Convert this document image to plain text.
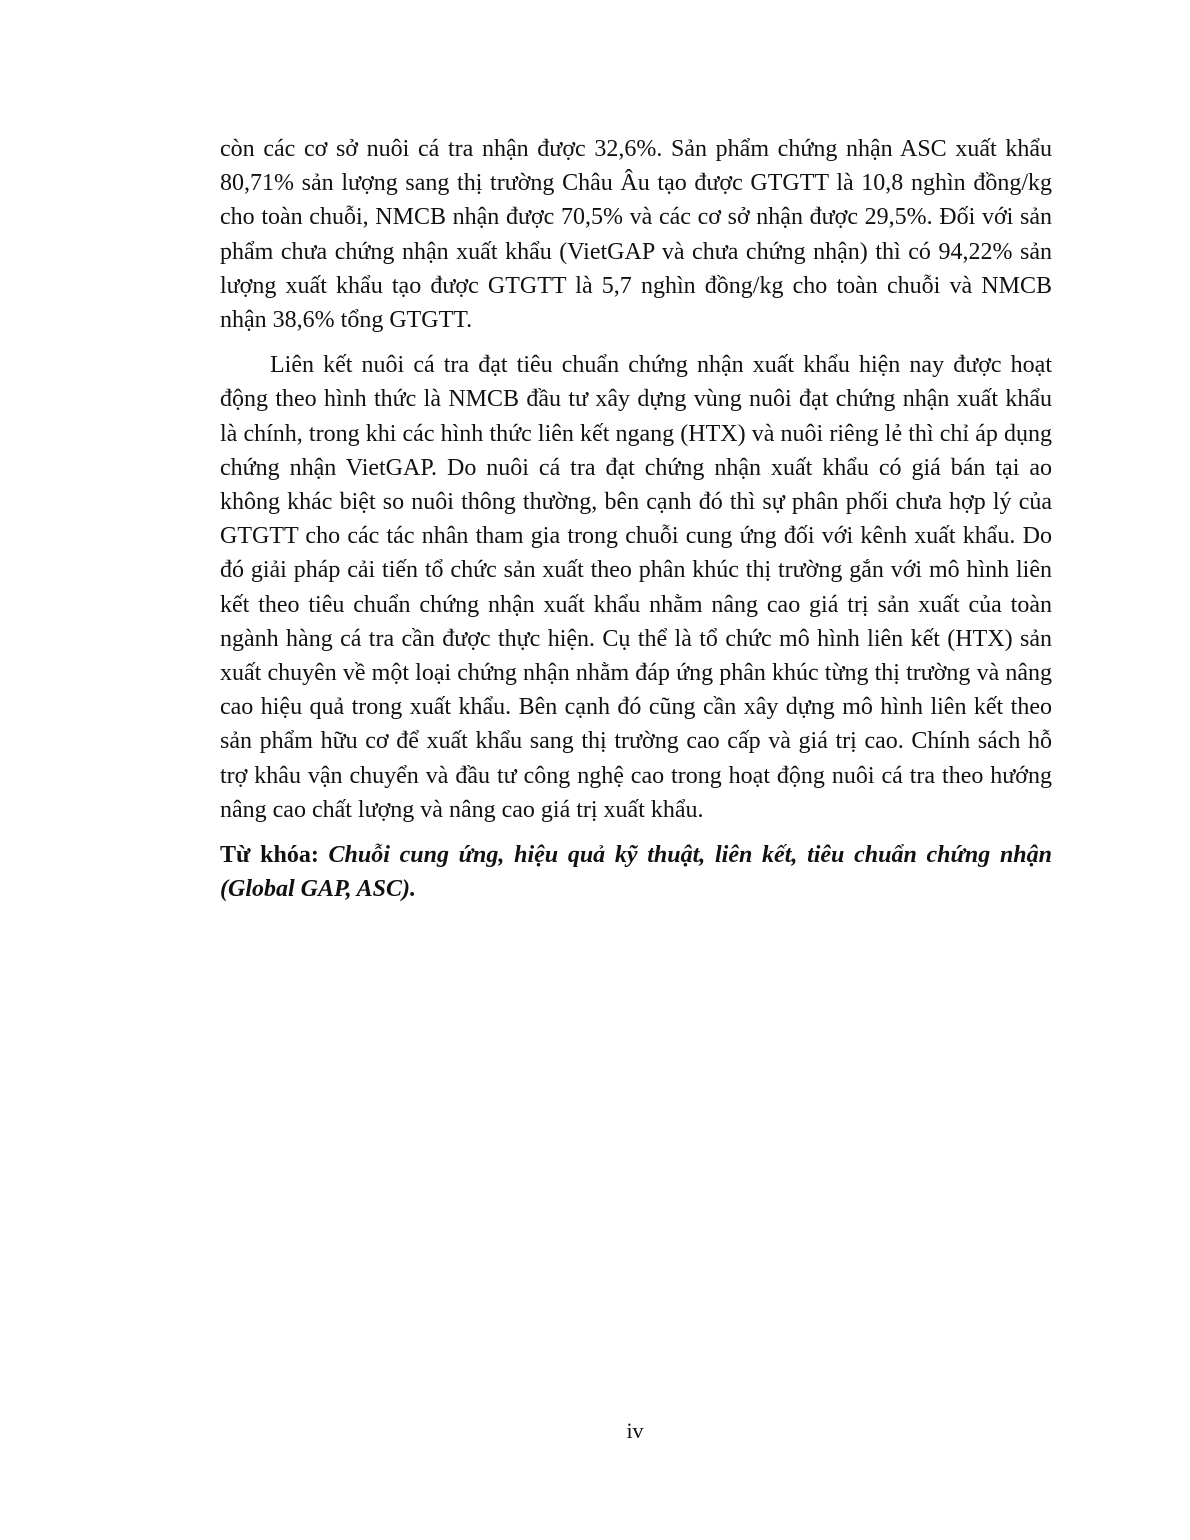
còn các cơ sở nuôi cá tra nhận được 32,6%. Sản phẩm chứng nhận ASC xuất khẩu 80,71% sản lượng sang thị trường Châu Âu tạo được GTGTT là 10,8 nghìn đồng/kg cho toàn chuỗi, NMCB nhận được 70,5% và các cơ sở nhận được 29,5%. Đối với sản phẩm chưa chứng nhận xuất khẩu (VietGAP và chưa chứng nhận) thì có 94,22% sản lượng xuất khẩu tạo được GTGTT là 5,7 nghìn đồng/kg cho toàn chuỗi và NMCB nhận 38,6% tổng GTGTT.

Liên kết nuôi cá tra đạt tiêu chuẩn chứng nhận xuất khẩu hiện nay được hoạt động theo hình thức là NMCB đầu tư xây dựng vùng nuôi đạt chứng nhận xuất khẩu là chính, trong khi các hình thức liên kết ngang (HTX) và nuôi riêng lẻ thì chỉ áp dụng chứng nhận VietGAP. Do nuôi cá tra đạt chứng nhận xuất khẩu có giá bán tại ao không khác biệt so nuôi thông thường, bên cạnh đó thì sự phân phối chưa hợp lý của GTGTT cho các tác nhân tham gia trong chuỗi cung ứng đối với kênh xuất khẩu. Do đó giải pháp cải tiến tổ chức sản xuất theo phân khúc thị trường gắn với mô hình liên kết theo tiêu chuẩn chứng nhận xuất khẩu nhằm nâng cao giá trị sản xuất của toàn ngành hàng cá tra cần được thực hiện. Cụ thể là tổ chức mô hình liên kết (HTX) sản xuất chuyên về một loại chứng nhận nhằm đáp ứng phân khúc từng thị trường và nâng cao hiệu quả trong xuất khẩu. Bên cạnh đó cũng cần xây dựng mô hình liên kết theo sản phẩm hữu cơ để xuất khẩu sang thị trường cao cấp và giá trị cao. Chính sách hỗ trợ khâu vận chuyển và đầu tư công nghệ cao trong hoạt động nuôi cá tra theo hướng nâng cao chất lượng và nâng cao giá trị xuất khẩu.

Từ khóa: Chuỗi cung ứng, hiệu quả kỹ thuật, liên kết, tiêu chuẩn chứng nhận (Global GAP, ASC).

iv
